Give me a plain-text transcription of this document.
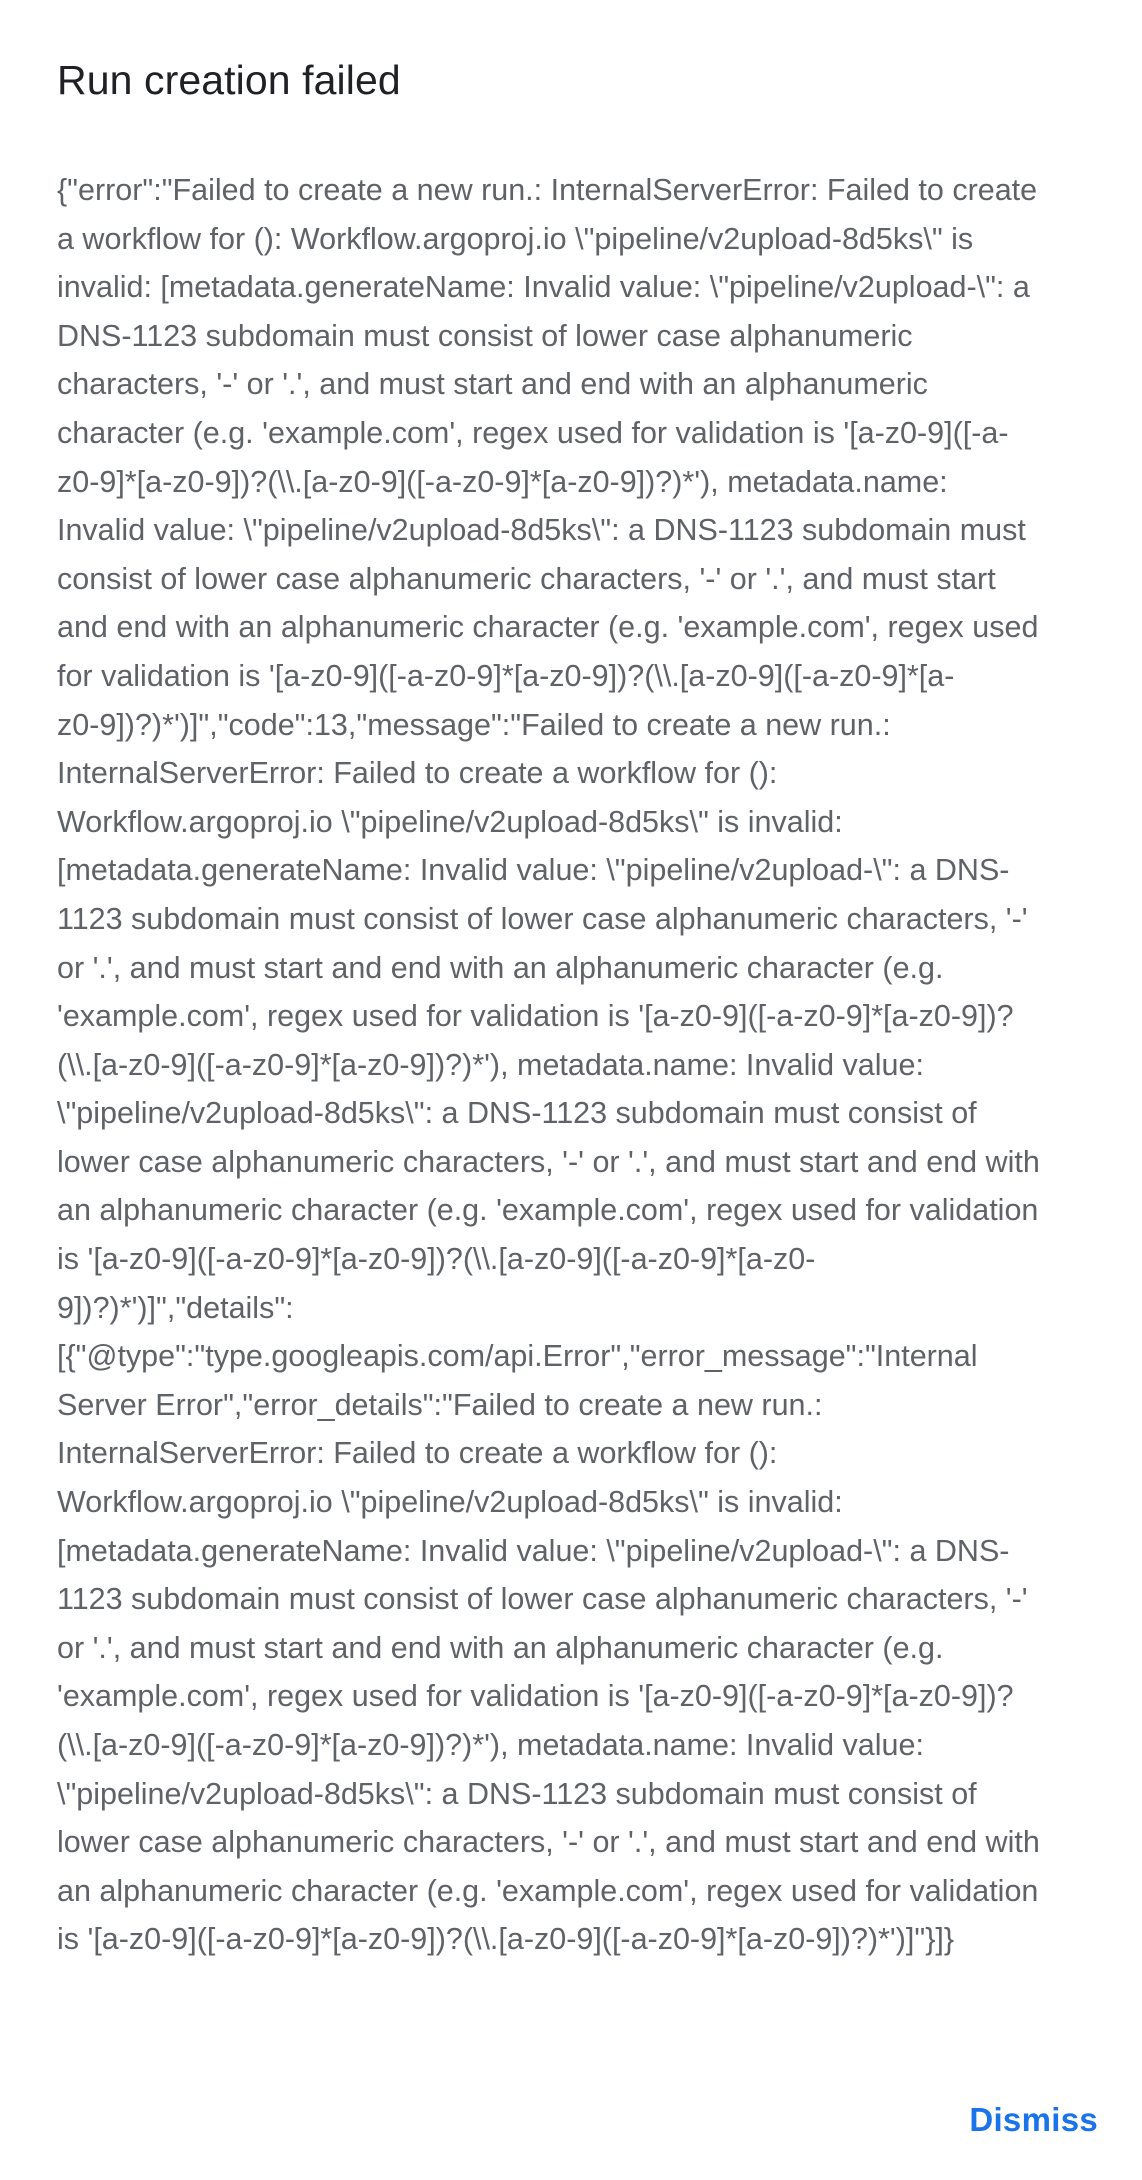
Run creation failed
{"error":"Failed to create a new run.: InternalServerError: Failed to create
a workflow for (): Workflow.argoproj.io \"pipeline/v2upload-8d5ks\" is
invalid: [metadata.generateName: Invalid value: \"pipeline/v2upload-\": a
DNS-1123 subdomain must consist of lower case alphanumeric
characters, '-' or '.', and must start and end with an alphanumeric
character (e.g. 'example.com', regex used for validation is '[a-z0-9]([-a-
z0-9]*[a-z0-9])?(\\.[a-z0-9]([-a-z0-9]*[a-z0-9])?)*'), metadata.name:
Invalid value: \"pipeline/v2upload-8d5ks\": a DNS-1123 subdomain must
consist of lower case alphanumeric characters, '-' or '.', and must start
and end with an alphanumeric character (e.g. 'example.com', regex used
for validation is '[a-z0-9]([-a-z0-9]*[a-z0-9])?(\\.[a-z0-9]([-a-z0-9]*[a-
z0-9])?)*')]","code":13,"message":"Failed to create a new run.:
InternalServerError: Failed to create a workflow for ():
Workflow.argoproj.io \"pipeline/v2upload-8d5ks\" is invalid:
[metadata.generateName: Invalid value: \"pipeline/v2upload-\": a DNS-
1123 subdomain must consist of lower case alphanumeric characters, '-'
or '.', and must start and end with an alphanumeric character (e.g.
'example.com', regex used for validation is '[a-z0-9]([-a-z0-9]*[a-z0-9])?
(\\.[a-z0-9]([-a-z0-9]*[a-z0-9])?)*'), metadata.name: Invalid value:
\"pipeline/v2upload-8d5ks\": a DNS-1123 subdomain must consist of
lower case alphanumeric characters, '-' or '.', and must start and end with
an alphanumeric character (e.g. 'example.com', regex used for validation
is '[a-z0-9]([-a-z0-9]*[a-z0-9])?(\\.[a-z0-9]([-a-z0-9]*[a-z0-
9])?)*')]","details":
[{"@type":"type.googleapis.com/api.Error","error_message":"Internal
Server Error","error_details":"Failed to create a new run.:
InternalServerError: Failed to create a workflow for ():
Workflow.argoproj.io \"pipeline/v2upload-8d5ks\" is invalid:
[metadata.generateName: Invalid value: \"pipeline/v2upload-\": a DNS-
1123 subdomain must consist of lower case alphanumeric characters, '-'
or '.', and must start and end with an alphanumeric character (e.g.
'example.com', regex used for validation is '[a-z0-9]([-a-z0-9]*[a-z0-9])?
(\\.[a-z0-9]([-a-z0-9]*[a-z0-9])?)*'), metadata.name: Invalid value:
\"pipeline/v2upload-8d5ks\": a DNS-1123 subdomain must consist of
lower case alphanumeric characters, '-' or '.', and must start and end with
an alphanumeric character (e.g. 'example.com', regex used for validation
is '[a-z0-9]([-a-z0-9]*[a-z0-9])?(\\.[a-z0-9]([-a-z0-9]*[a-z0-9])?)*')]"}]}
Dismiss
